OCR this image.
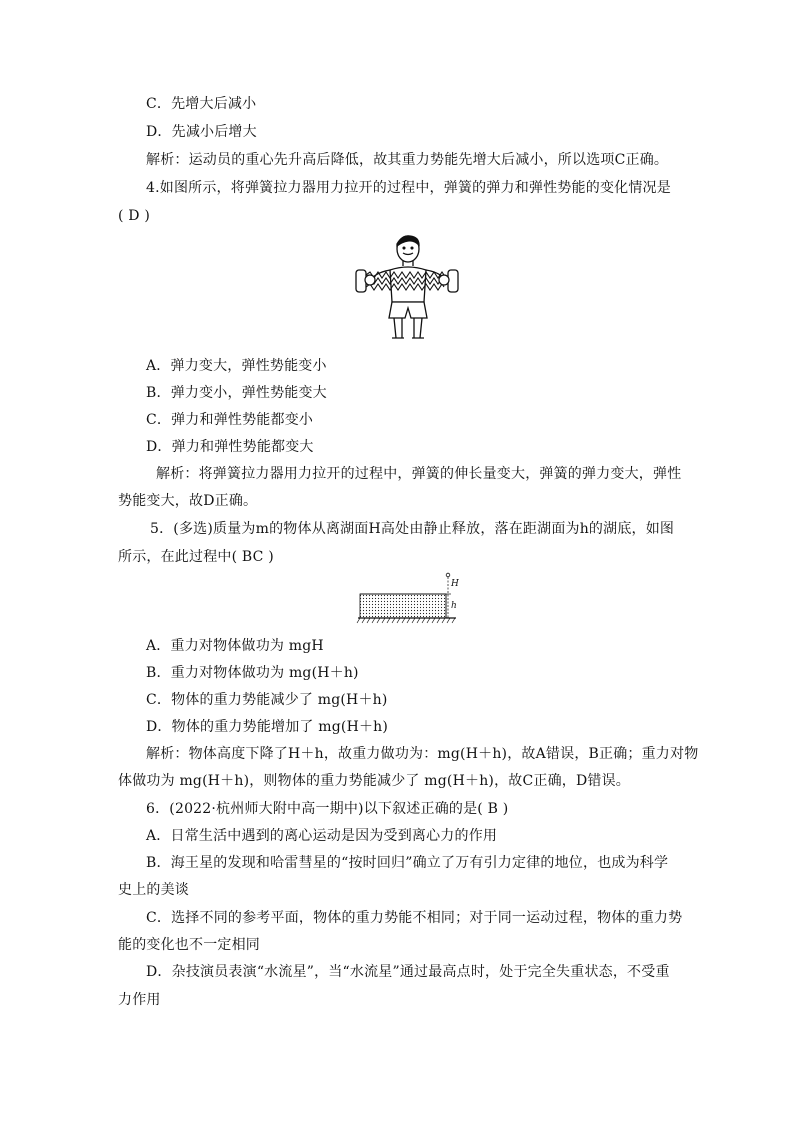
C．先增大后减小
D．先减小后增大
解析：运动员的重心先升高后降低，故其重力势能先增大后减小，所以选项C正确。
4.如图所示，将弹簧拉力器用力拉开的过程中，弹簧的弹力和弹性势能的变化情况是
( D )
A．弹力变大，弹性势能变小
B．弹力变小，弹性势能变大
C．弹力和弹性势能都变小
D．弹力和弹性势能都变大
解析：将弹簧拉力器用力拉开的过程中，弹簧的伸长量变大，弹簧的弹力变大，弹性
势能变大，故D正确。
5．(多选)质量为m的物体从离湖面H高处由静止释放，落在距湖面为h的湖底，如图
所示，在此过程中( BC )
H
h
A．重力对物体做功为 mgH
B．重力对物体做功为 mg(H＋h)
C．物体的重力势能减少了 mg(H＋h)
D．物体的重力势能增加了 mg(H＋h)
解析：物体高度下降了H＋h，故重力做功为：mg(H＋h)，故A错误，B正确；重力对物
体做功为 mg(H＋h)，则物体的重力势能减少了 mg(H＋h)，故C正确，D错误。
6．(2022·杭州师大附中高一期中)以下叙述正确的是( B )
A．日常生活中遇到的离心运动是因为受到离心力的作用
B．海王星的发现和哈雷彗星的“按时回归”确立了万有引力定律的地位，也成为科学
史上的美谈
C．选择不同的参考平面，物体的重力势能不相同；对于同一运动过程，物体的重力势
能的变化也不一定相同
D．杂技演员表演“水流星”，当“水流星”通过最高点时，处于完全失重状态，不受重
力作用
